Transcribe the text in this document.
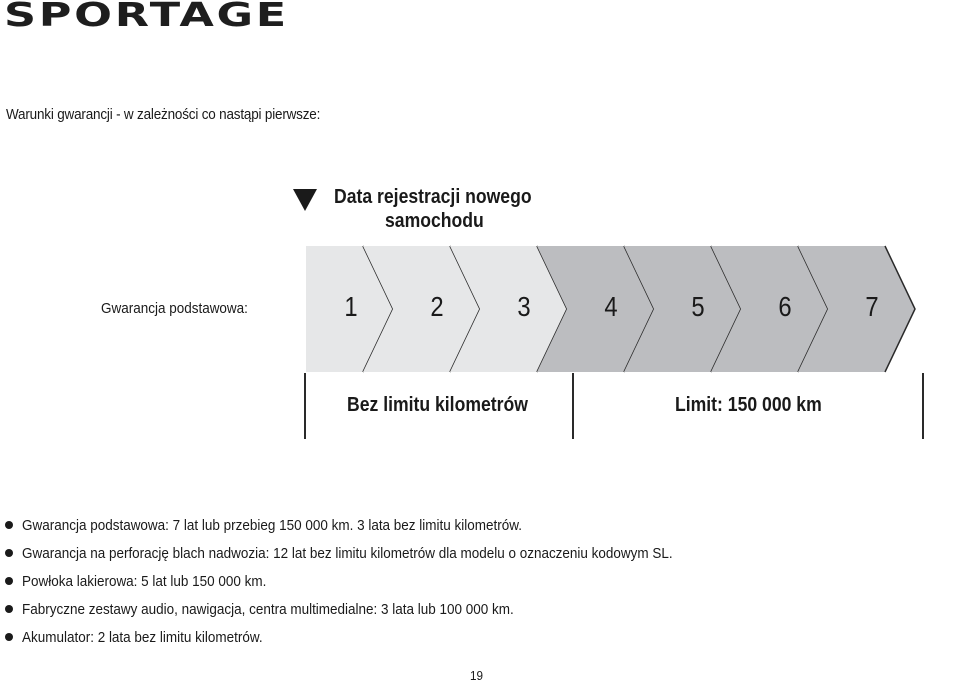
SPORTAGE
Warunki gwarancji - w zależności co nastąpi pierwsze:
Data rejestracji nowego
samochodu
Gwarancja podstawowa:	1	2	3	4	5	6	7
Bez limitu kilometrów	Limit: 150 000 km
Gwarancja podstawowa: 7 lat lub przebieg 150 000 km. 3 lata bez limitu kilometrów.
Gwarancja na perforację blach nadwozia: 12 lat bez limitu kilometrów dla modelu o oznaczeniu kodowym SL.
Powłoka lakierowa: 5 lat lub 150 000 km.
Fabryczne zestawy audio, nawigacja, centra multimedialne: 3 lata lub 100 000 km.
Akumulator: 2 lata bez limitu kilometrów.
19
